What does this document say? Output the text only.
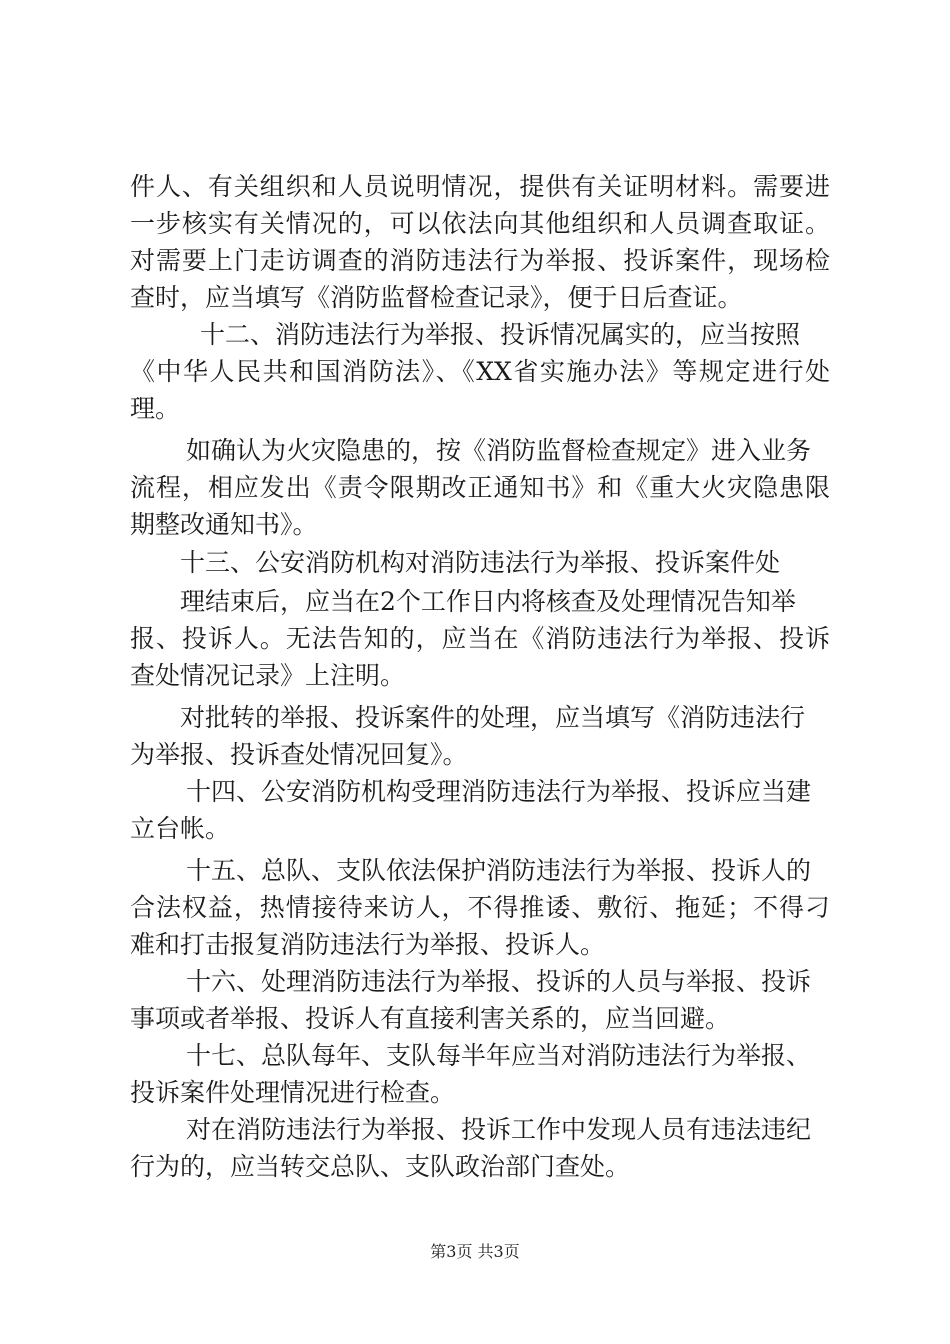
件人、有关组织和人员说明情况，提供有关证明材料。需要进
一步核实有关情况的，可以依法向其他组织和人员调查取证。
对需要上门走访调查的消防违法行为举报、投诉案件，现场检
查时，应当填写《消防监督检查记录》，便于日后查证。
十二、消防违法行为举报、投诉情况属实的，应当按照
《中华人民共和国消防法》、《XX省实施办法》等规定进行处
理。
如确认为火灾隐患的，按《消防监督检查规定》进入业务
流程，相应发出《责令限期改正通知书》和《重大火灾隐患限
期整改通知书》。
十三、公安消防机构对消防违法行为举报、投诉案件处
理结束后，应当在2个工作日内将核查及处理情况告知举
报、投诉人。无法告知的，应当在《消防违法行为举报、投诉
查处情况记录》上注明。
对批转的举报、投诉案件的处理，应当填写《消防违法行
为举报、投诉查处情况回复》。
十四、公安消防机构受理消防违法行为举报、投诉应当建
立台帐。
十五、总队、支队依法保护消防违法行为举报、投诉人的
合法权益，热情接待来访人，不得推诿、敷衍、拖延；不得刁
难和打击报复消防违法行为举报、投诉人。
十六、处理消防违法行为举报、投诉的人员与举报、投诉
事项或者举报、投诉人有直接利害关系的，应当回避。
十七、总队每年、支队每半年应当对消防违法行为举报、
投诉案件处理情况进行检查。
对在消防违法行为举报、投诉工作中发现人员有违法违纪
行为的，应当转交总队、支队政治部门查处。
第3页 共3页
